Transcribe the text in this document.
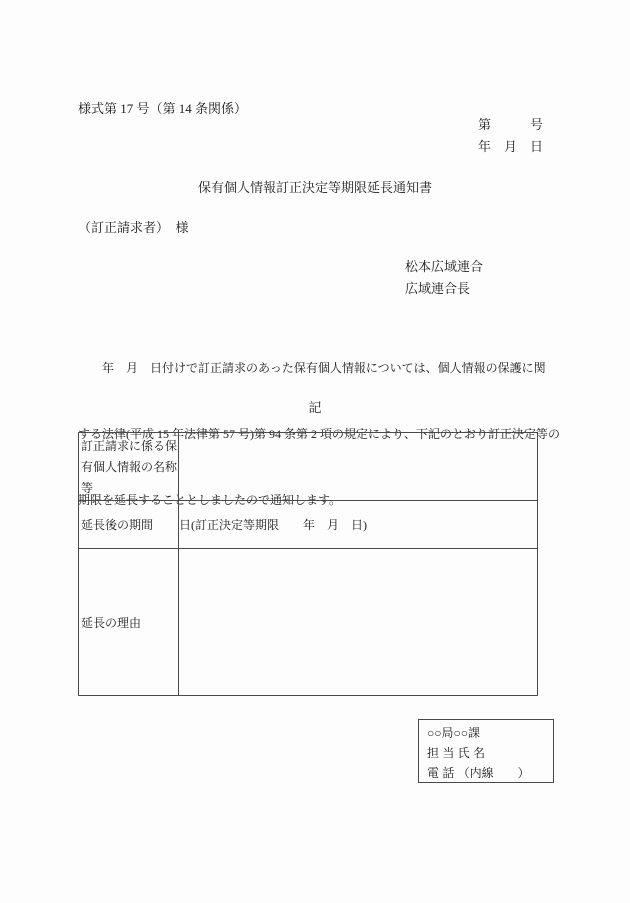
様式第 17 号（第 14 条関係）
第　　　号
年　月　日
保有個人情報訂正決定等期限延長通知書
（訂正請求者）　様
松本広域連合
広域連合長

　　年　月　日付けで訂正請求のあった保有個人情報については、個人情報の保護に関

する法律(平成 15 年法律第 57 号)第 94 条第 2 項の規定により、下記のとおり訂正決定等の

期限を延長することとしましたので通知します。

記
訂正請求に係る保
有個人情報の名称
等	

延長後の期間	日(訂正決定等期限　　年　月　日)
延長の理由	
○○局○○課
担 当 氏 名
電 話 （内線　　）
